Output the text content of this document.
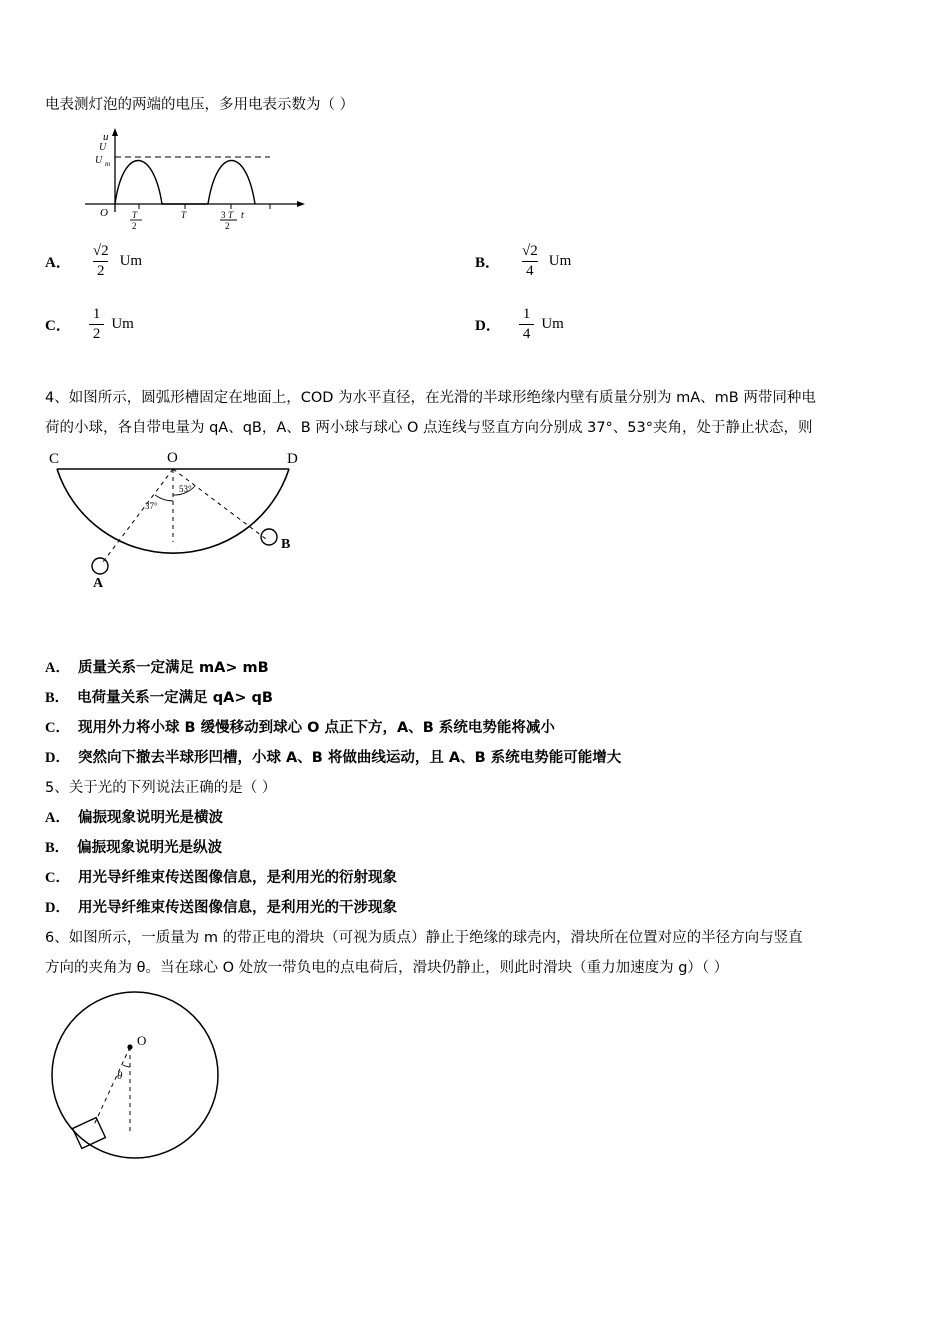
电表测灯泡的两端的电压，多用电表示数为（ ）
u
U
U m
O	T
2
T	3 T
2
t
A． $\frac{√2}{2}$ Um	B． $\frac{√2}{4}$ Um
C． $\frac{1}{2}$ Um	D． $\frac{1}{4}$ Um
4、如图所示，圆弧形槽固定在地面上，COD 为水平直径，在光滑的半球形绝缘内壁有质量分别为 mA、mB 两带同种电
荷的小球，各自带电量为 qA、qB，A、B 两小球与球心 O 点连线与竖直方向分别成 37°、53°夹角，处于静止状态，则
C	O	D
A
B
37°
53°
A． 质量关系一定满足 mA> mB
B． 电荷量关系一定满足 qA> qB
C． 现用外力将小球 B 缓慢移动到球心 O 点正下方，A、B 系统电势能将减小
D． 突然向下撤去半球形凹槽，小球 A、B 将做曲线运动，且 A、B 系统电势能可能增大
5、关于光的下列说法正确的是（ ）
A． 偏振现象说明光是横波
B． 偏振现象说明光是纵波
C． 用光导纤维束传送图像信息，是利用光的衍射现象
D． 用光导纤维束传送图像信息，是利用光的干涉现象
6、如图所示，一质量为 m 的带正电的滑块（可视为质点）静止于绝缘的球壳内，滑块所在位置对应的半径方向与竖直
方向的夹角为 θ。当在球心 O 处放一带负电的点电荷后，滑块仍静止，则此时滑块（重力加速度为 g）（ ）
O
θ
